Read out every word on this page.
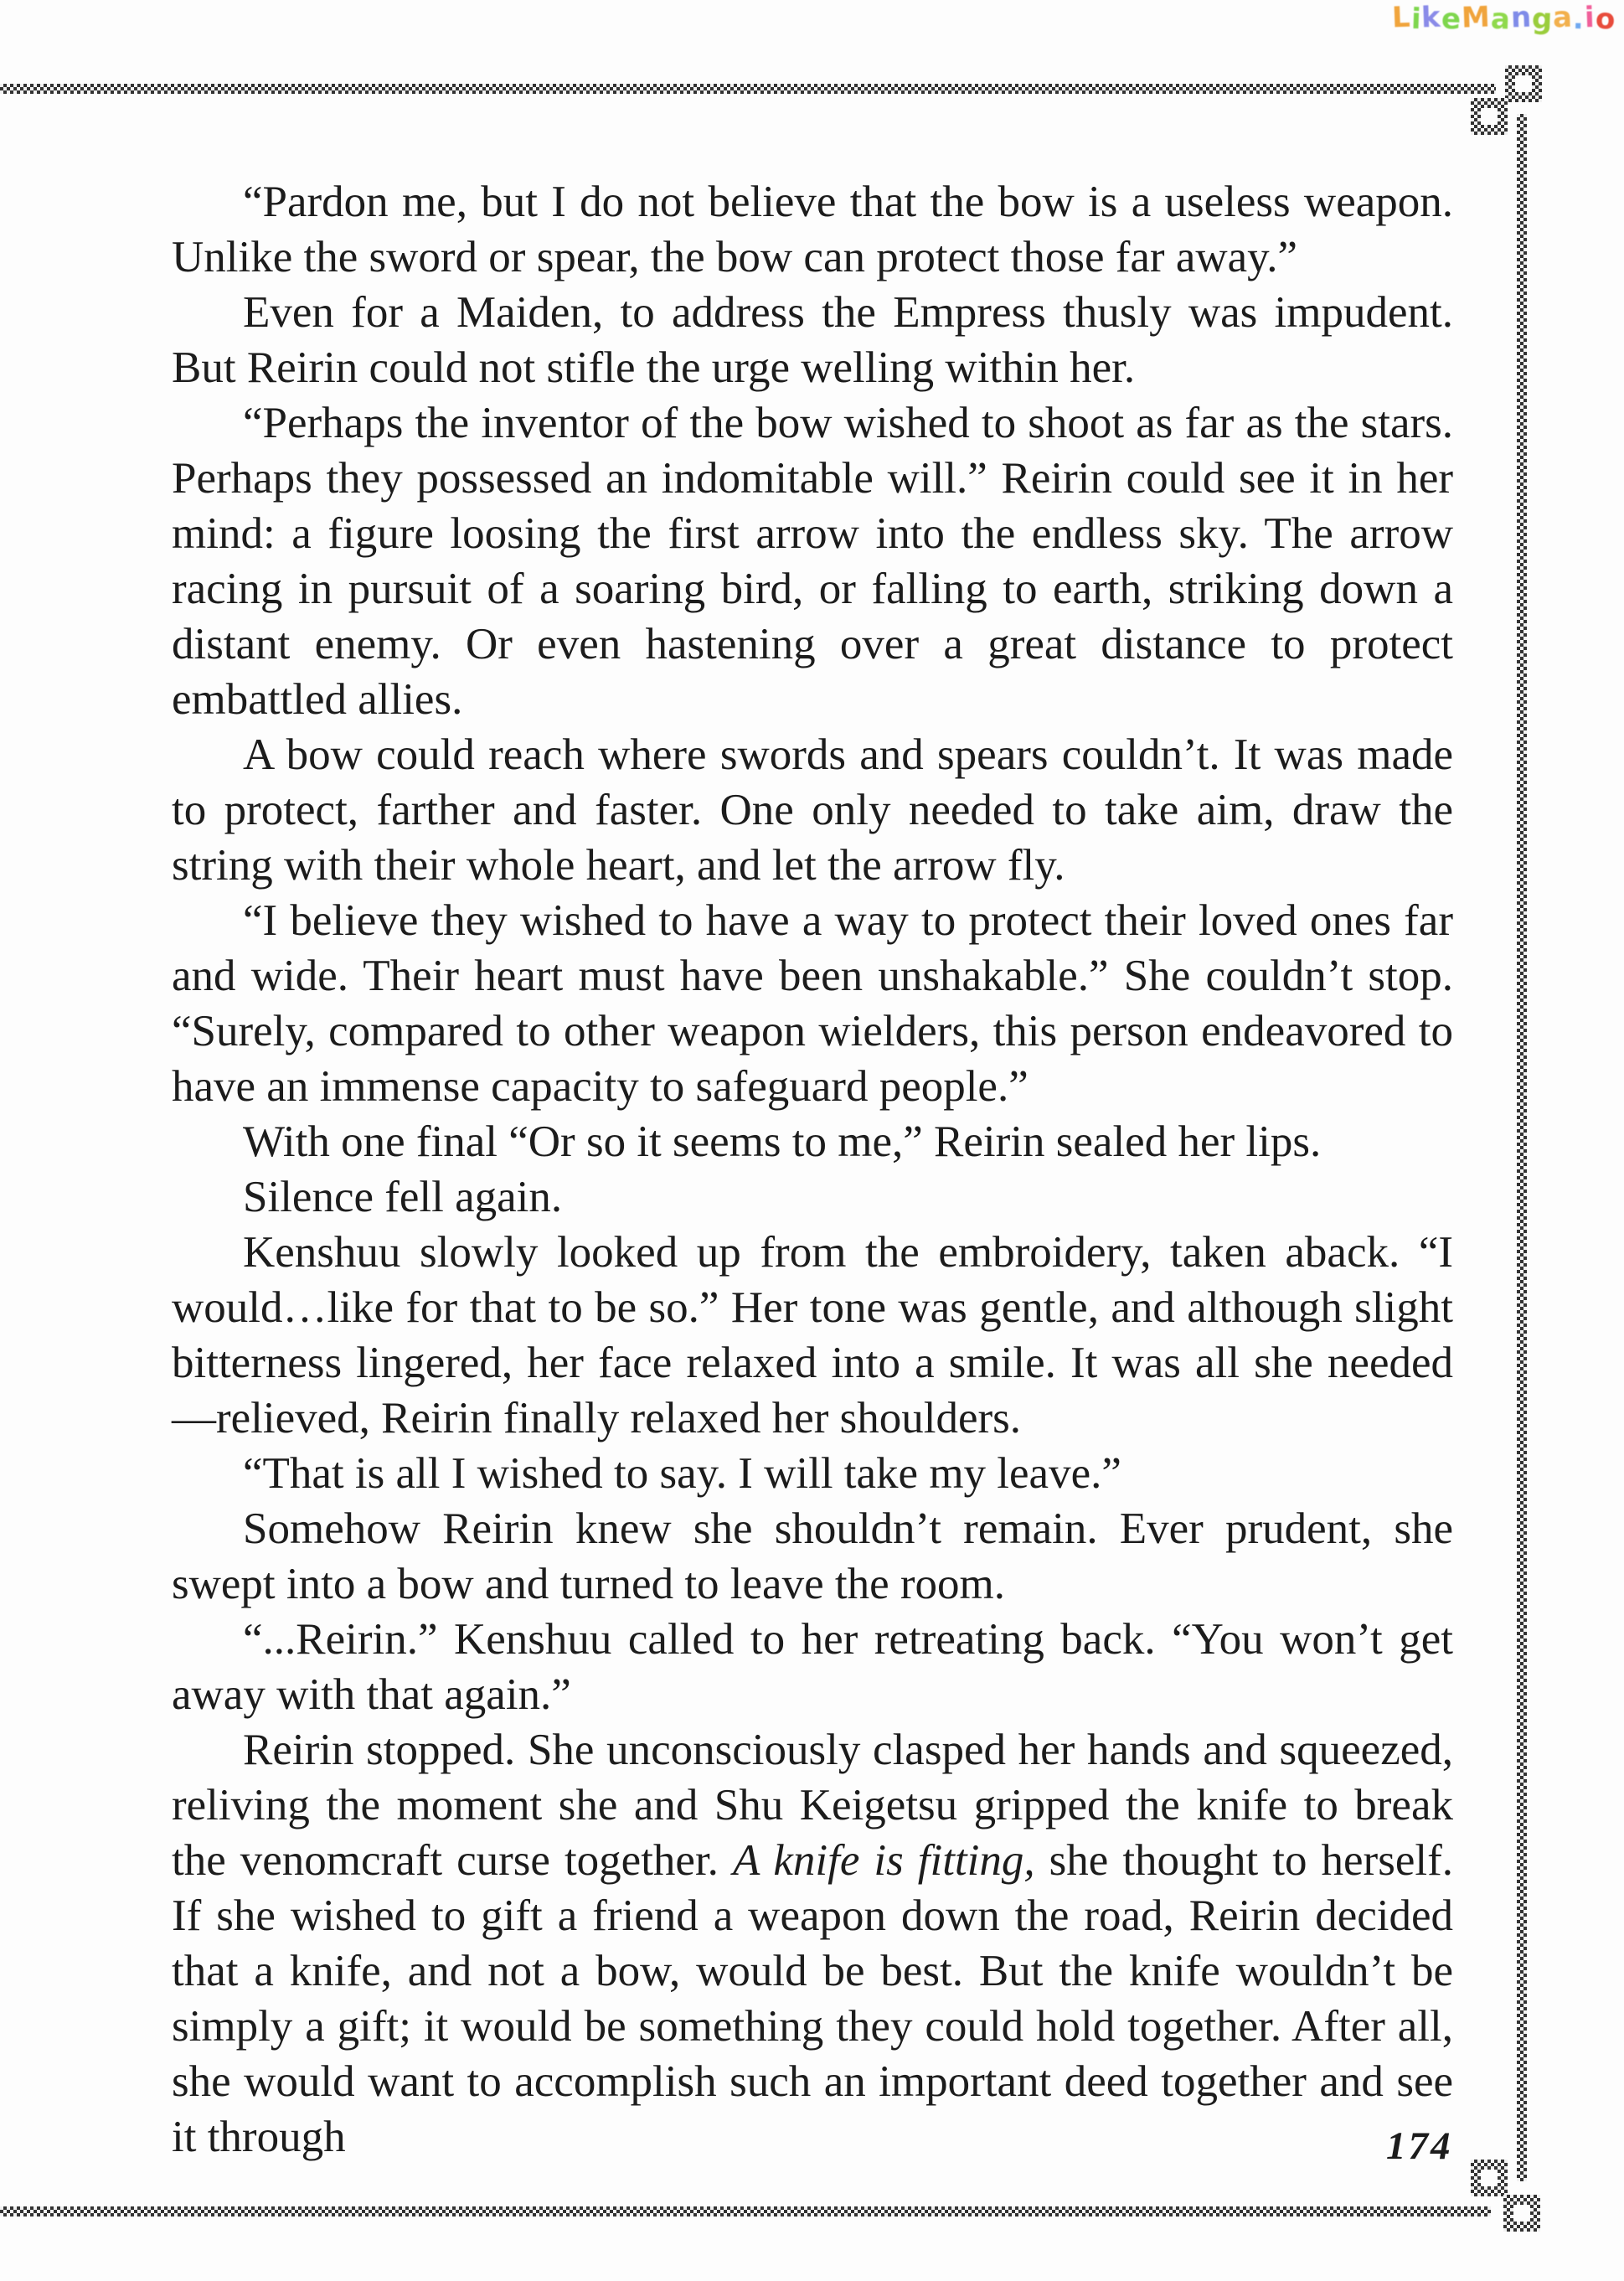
LikeManga.io

“Pardon me, but I do not believe that the bow is a useless weapon. Unlike the sword or spear, the bow can protect those far away.”

Even for a Maiden, to address the Empress thusly was impudent. But Reirin could not stifle the urge welling within her.

“Perhaps the inventor of the bow wished to shoot as far as the stars. Perhaps they possessed an indomitable will.” Reirin could see it in her mind: a figure loosing the first arrow into the endless sky. The arrow racing in pursuit of a soaring bird, or falling to earth, striking down a distant enemy. Or even hastening over a great distance to protect embattled allies.

A bow could reach where swords and spears couldn’t. It was made to protect, farther and faster. One only needed to take aim, draw the string with their whole heart, and let the arrow fly.

“I believe they wished to have a way to protect their loved ones far and wide. Their heart must have been unshakable.” She couldn’t stop. “Surely, compared to other weapon wielders, this person endeavored to have an immense capacity to safeguard people.”

With one final “Or so it seems to me,” Reirin sealed her lips.

Silence fell again.

Kenshuu slowly looked up from the embroidery, taken aback. “I would…like for that to be so.” Her tone was gentle, and although slight bitterness lingered, her face relaxed into a smile. It was all she needed—relieved, Reirin finally relaxed her shoulders.

“That is all I wished to say. I will take my leave.”

Somehow Reirin knew she shouldn’t remain. Ever prudent, she swept into a bow and turned to leave the room.

“...Reirin.” Kenshuu called to her retreating back. “You won’t get away with that again.”

Reirin stopped. She unconsciously clasped her hands and squeezed, reliving the moment she and Shu Keigetsu gripped the knife to break the venomcraft curse together. A knife is fitting, she thought to herself. If she wished to gift a friend a weapon down the road, Reirin decided that a knife, and not a bow, would be best. But the knife wouldn’t be simply a gift; it would be something they could hold together. After all, she would want to accomplish such an important deed together and see it through	174
